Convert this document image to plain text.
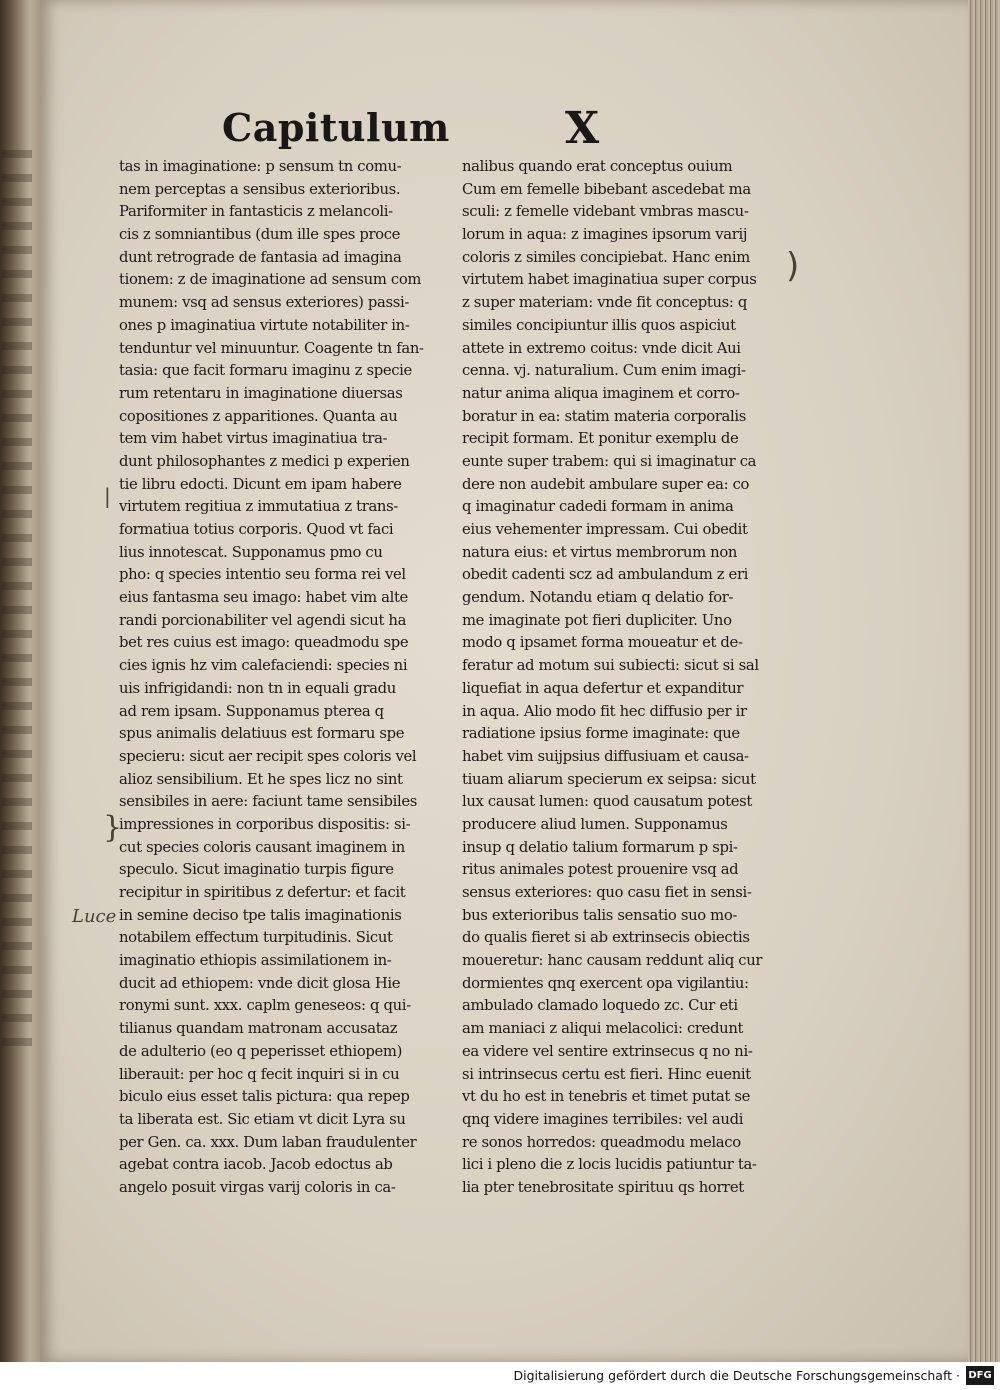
Capitulum	X
tas in imaginatione: p sensum tn comu-
nem perceptas a sensibus exterioribus.
Pariformiter in fantasticis z melancoli-
cis z somniantibus (dum ille spes proce
dunt retrograde de fantasia ad imagina
tionem: z de imaginatione ad sensum com
munem: vsq ad sensus exteriores) passi-
ones p imaginatiua virtute notabiliter in-
tenduntur vel minuuntur. Coagente tn fan-
tasia: que facit formaru imaginu z specie
rum retentaru in imaginatione diuersas
copositiones z apparitiones. Quanta au
tem vim habet virtus imaginatiua tra-
dunt philosophantes z medici p experien
tie libru edocti. Dicunt em ipam habere
virtutem regitiua z immutatiua z trans-
formatiua totius corporis. Quod vt faci
lius innotescat. Supponamus pmo cu
pho: q species intentio seu forma rei vel
eius fantasma seu imago: habet vim alte
randi porcionabiliter vel agendi sicut ha
bet res cuius est imago: queadmodu spe
cies ignis hz vim calefaciendi: species ni
uis infrigidandi: non tn in equali gradu
ad rem ipsam. Supponamus ptereа q
spus animalis delatiuus est formaru spe
specieru: sicut aer recipit spes coloris vel
alioz sensibilium. Et he spes licz no sint
sensibiles in aere: faciunt tame sensibiles
impressiones in corporibus dispositis: si-
cut species coloris causant imaginem in
speculo. Sicut imaginatio turpis figure
recipitur in spiritibus z defertur: et facit
in semine deciso tpe talis imaginationis
notabilem effectum turpitudinis. Sicut
imaginatio ethiopis assimilationem in-
ducit ad ethiopem: vnde dicit glosa Hie
ronymi sunt. xxx. caplm geneseos: q qui-
tilianus quandam matronam accusataz
de adulterio (eo q peperisset ethiopem)
liberauit: per hoc q fecit inquiri si in cu
biculo eius esset talis pictura: qua repер
ta liberata est. Sic etiam vt dicit Lyra su
per Gen. ca. xxx. Dum laban fraudulenter
agebat contra iacob. Jacob edoctus ab
angelo posuit virgas varij coloris in ca-
nalibus quando erat conceptus ouium
Cum em femelle bibebant ascedebat ma
sculi: z femelle videbant vmbras mascu-
lorum in aqua: z imagines ipsorum varij
coloris z similes concipiebat. Hanc enim
virtutem habet imaginatiua super corpus
z super materiam: vnde fit conceptus: q
similes concipiuntur illis quos aspiciut
attete in extremo coitus: vnde dicit Aui
cenna. vj. naturalium. Cum enim imagi-
natur anima aliqua imaginem et corro-
boratur in ea: statim materia corporalis
recipit formam. Et ponitur exemplu de
eunte super trabem: qui si imaginatur ca
dere non audebit ambulare super ea: co
q imaginatur cadedi formam in anima
eius vehementer impressam. Cui obedit
natura eius: et virtus membrorum non
obedit cadenti scz ad ambulandum z eri
gendum. Notandu etiam q delatio for-
me imaginate pot fieri dupliciter. Uno
modo q ipsamet forma moueatur et de-
feratur ad motum sui subiecti: sicut si sal
liquefiat in aqua defertur et expanditur
in aqua. Alio modo fit hec diffusio per ir
radiatione ipsius forme imaginate: que
habet vim suijpsius diffusiuam et causa-
tiuam aliarum specierum ex seipsa: sicut
lux causat lumen: quod causatum potest
producere aliud lumen. Supponamus
insup q delatio talium formarum p spi-
ritus animales potest prouenire vsq ad
sensus exteriores: quo casu fiet in sensi-
bus exterioribus talis sensatio suo mo-
do qualis fieret si ab extrinsecis obiectis
moueretur: hanc causam reddunt aliq cur
dormientes qnq exercent opa vigilantiu:
ambulado clamado loquedo zc. Cur eti
am maniaci z aliqui melacolici: credunt
ea videre vel sentire extrinsecus q no ni-
si intrinsecus certu est fieri. Hinc euenit
vt du ho est in tenebris et timet putat se
qnq videre imagines terribiles: vel audi
re sonos horredos: queadmodu melaco
lici i pleno die z locis lucidis patiuntur ta-
lia pter tenebrositate spirituu qs horret
Luce
|
}
)
Digitalisierung gefördert durch die Deutsche Forschungsgemeinschaft · DFG
